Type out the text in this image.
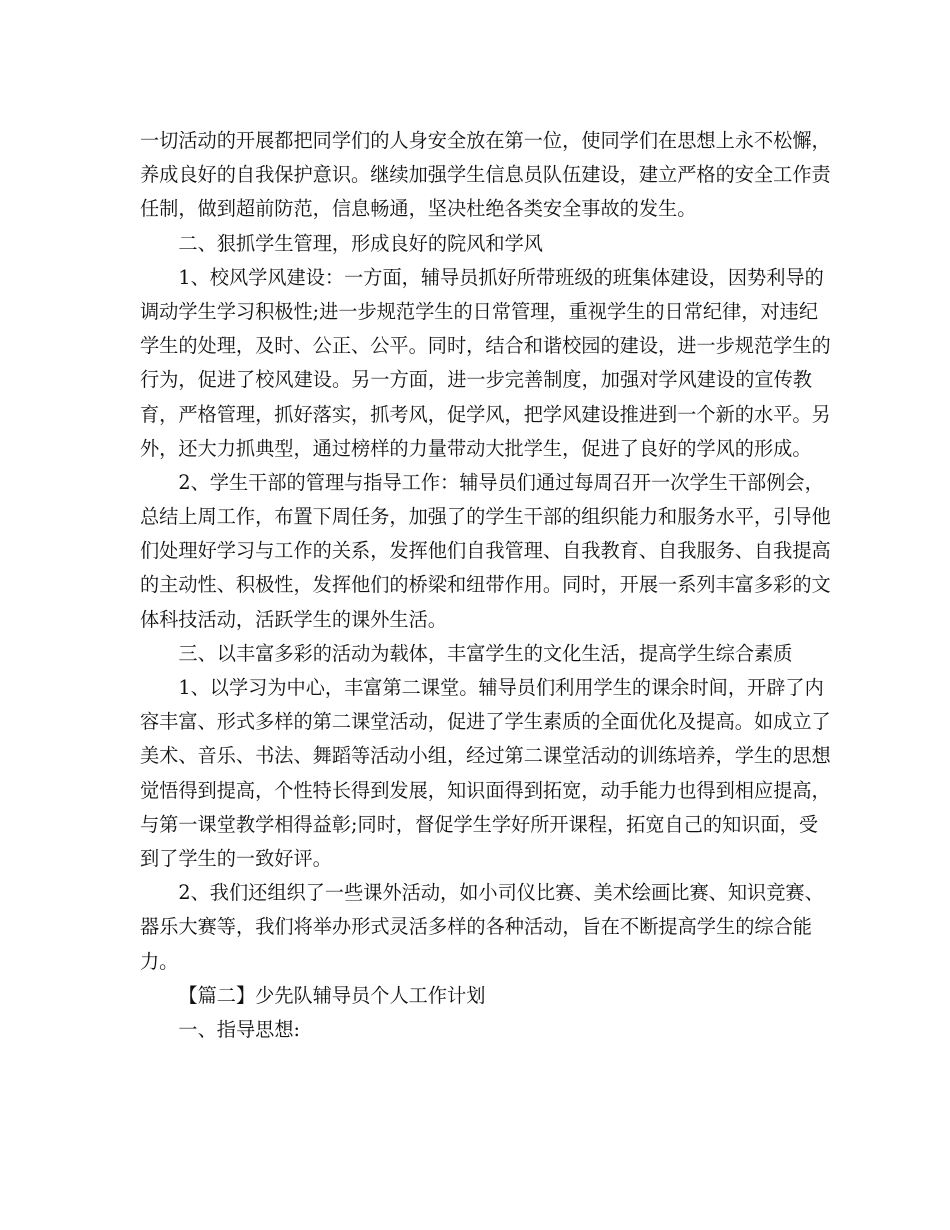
一切活动的开展都把同学们的人身安全放在第一位，使同学们在思想上永不松懈，
养成良好的自我保护意识。继续加强学生信息员队伍建设，建立严格的安全工作责
任制，做到超前防范，信息畅通，坚决杜绝各类安全事故的发生。
二、狠抓学生管理，形成良好的院风和学风
1、校风学风建设：一方面，辅导员抓好所带班级的班集体建设，因势利导的
调动学生学习积极性;进一步规范学生的日常管理，重视学生的日常纪律，对违纪
学生的处理，及时、公正、公平。同时，结合和谐校园的建设，进一步规范学生的
行为，促进了校风建设。另一方面，进一步完善制度，加强对学风建设的宣传教
育，严格管理，抓好落实，抓考风，促学风，把学风建设推进到一个新的水平。另
外，还大力抓典型，通过榜样的力量带动大批学生，促进了良好的学风的形成。
2、学生干部的管理与指导工作：辅导员们通过每周召开一次学生干部例会，
总结上周工作，布置下周任务，加强了的学生干部的组织能力和服务水平，引导他
们处理好学习与工作的关系，发挥他们自我管理、自我教育、自我服务、自我提高
的主动性、积极性，发挥他们的桥梁和纽带作用。同时，开展一系列丰富多彩的文
体科技活动，活跃学生的课外生活。
三、以丰富多彩的活动为载体，丰富学生的文化生活，提高学生综合素质
1、以学习为中心，丰富第二课堂。辅导员们利用学生的课余时间，开辟了内
容丰富、形式多样的第二课堂活动，促进了学生素质的全面优化及提高。如成立了
美术、音乐、书法、舞蹈等活动小组，经过第二课堂活动的训练培养，学生的思想
觉悟得到提高，个性特长得到发展，知识面得到拓宽，动手能力也得到相应提高，
与第一课堂教学相得益彰;同时，督促学生学好所开课程，拓宽自己的知识面，受
到了学生的一致好评。
2、我们还组织了一些课外活动，如小司仪比赛、美术绘画比赛、知识竞赛、
器乐大赛等，我们将举办形式灵活多样的各种活动，旨在不断提高学生的综合能
力。
【篇二】少先队辅导员个人工作计划
一、指导思想:
